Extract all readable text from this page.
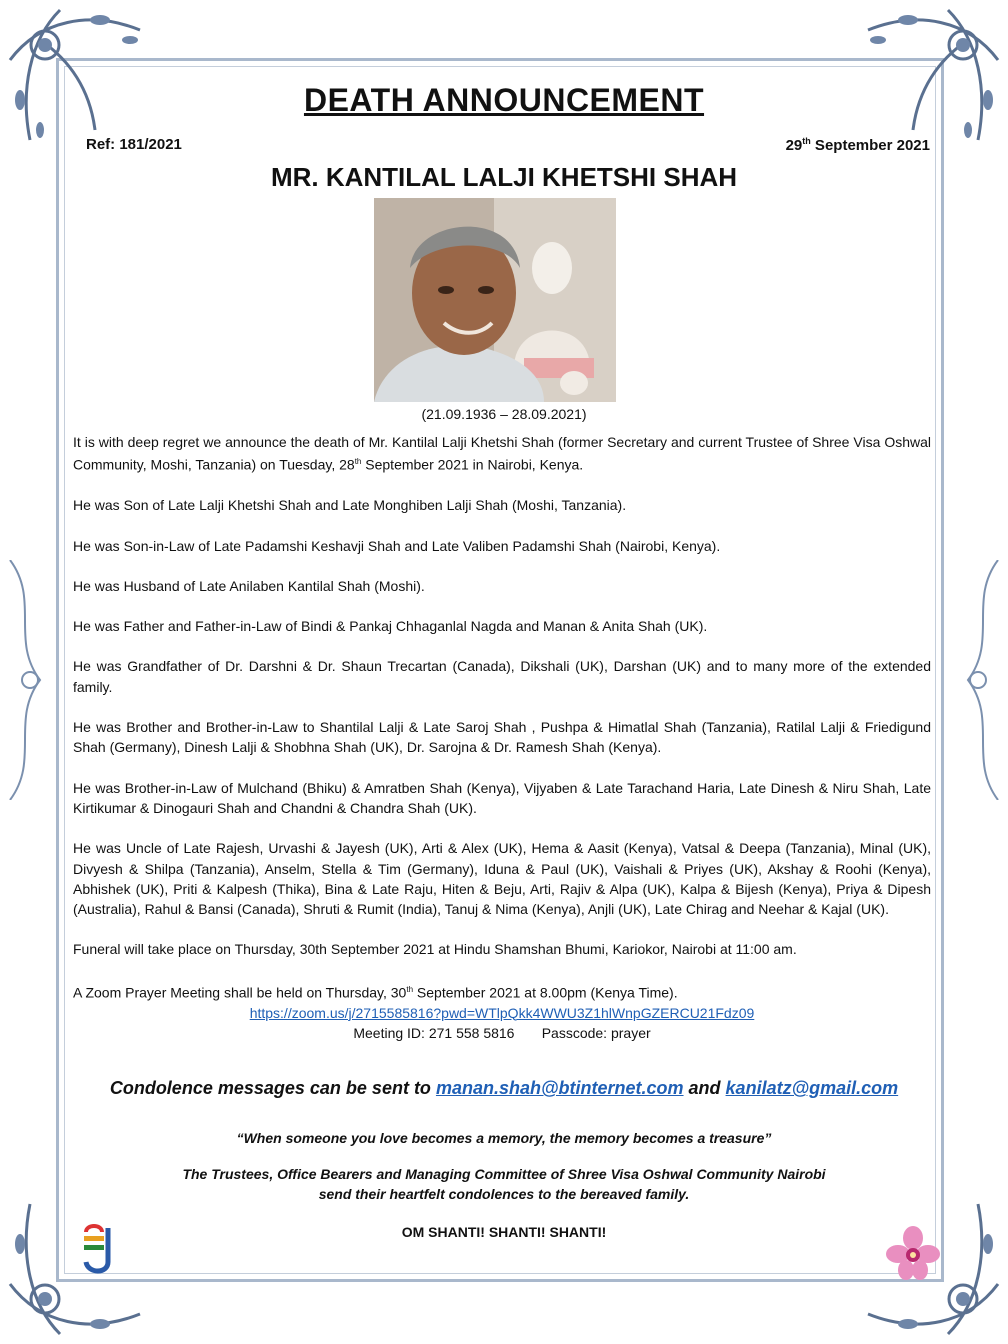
DEATH ANNOUNCEMENT
Ref: 181/2021	29th September 2021
MR. KANTILAL LALJI KHETSHI SHAH
(21.09.1936 – 28.09.2021)

It is with deep regret we announce the death of Mr. Kantilal Lalji Khetshi Shah (former Secretary and current Trustee of Shree Visa Oshwal Community, Moshi, Tanzania) on Tuesday, 28th September 2021 in Nairobi, Kenya.

He was Son of Late Lalji Khetshi Shah and Late Monghiben Lalji Shah (Moshi, Tanzania).

He was Son-in-Law of Late Padamshi Keshavji Shah and Late Valiben Padamshi Shah (Nairobi, Kenya).

He was Husband of Late Anilaben Kantilal Shah (Moshi).

He was Father and Father-in-Law of Bindi & Pankaj Chhaganlal Nagda and Manan & Anita Shah (UK).

He was Grandfather of Dr. Darshni & Dr. Shaun Trecartan (Canada), Dikshali (UK), Darshan (UK) and to many more of the extended family.

He was Brother and Brother-in-Law to Shantilal Lalji & Late Saroj Shah , Pushpa & Himatlal Shah (Tanzania), Ratilal Lalji & Friedigund Shah (Germany), Dinesh Lalji & Shobhna Shah (UK), Dr. Sarojna & Dr. Ramesh Shah (Kenya).

He was Brother-in-Law of Mulchand (Bhiku) & Amratben Shah (Kenya), Vijyaben & Late Tarachand Haria, Late Dinesh & Niru Shah, Late Kirtikumar & Dinogauri Shah and Chandni & Chandra Shah (UK).

He was Uncle of Late Rajesh, Urvashi & Jayesh (UK), Arti & Alex (UK), Hema & Aasit (Kenya), Vatsal & Deepa (Tanzania), Minal (UK), Divyesh & Shilpa (Tanzania), Anselm, Stella & Tim (Germany), Iduna & Paul (UK), Vaishali & Priyes (UK), Akshay & Roohi (Kenya), Abhishek (UK), Priti & Kalpesh (Thika), Bina & Late Raju, Hiten & Beju, Arti, Rajiv & Alpa (UK), Kalpa & Bijesh (Kenya), Priya & Dipesh (Australia), Rahul & Bansi (Canada), Shruti & Rumit (India), Tanuj & Nima (Kenya), Anjli (UK), Late Chirag and Neehar & Kajal (UK).

Funeral will take place on Thursday, 30th September 2021 at Hindu Shamshan Bhumi, Kariokor, Nairobi at 11:00 am.

A Zoom Prayer Meeting shall be held on Thursday, 30th September 2021 at 8.00pm (Kenya Time).

https://zoom.us/j/2715585816?pwd=WTlpQkk4WWU3Z1hlWnpGZERCU21Fdz09
Meeting ID: 271 558 5816 Passcode: prayer
Condolence messages can be sent to manan.shah@btinternet.com and kanilatz@gmail.com
“When someone you love becomes a memory, the memory becomes a treasure”
The Trustees, Office Bearers and Managing Committee of Shree Visa Oshwal Community Nairobi
send their heartfelt condolences to the bereaved family.
OM SHANTI! SHANTI! SHANTI!
